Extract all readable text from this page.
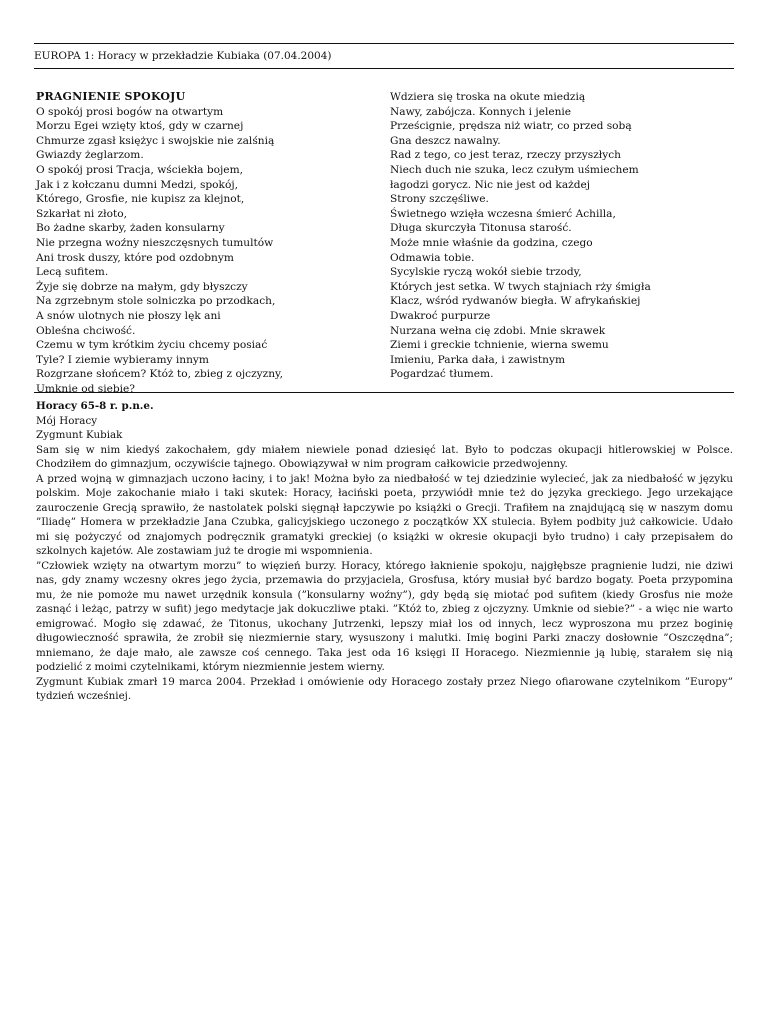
EUROPA 1: Horacy w przekładzie Kubiaka (07.04.2004)
PRAGNIENIE SPOKOJU
O spokój prosi bogów na otwartym
Morzu Egei wzięty ktoś, gdy w czarnej
Chmurze zgasł księżyc i swojskie nie zalśnią
Gwiazdy żeglarzom.
O spokój prosi Tracja, wściekła bojem,
Jak i z kołczanu dumni Medzi, spokój,
Którego, Grosfie, nie kupisz za klejnot,
Szkarłat ni złoto,
Bo żadne skarby, żaden konsularny
Nie przegna woźny nieszczęsnych tumultów
Ani trosk duszy, które pod ozdobnym
Lecą sufitem.
Żyje się dobrze na małym, gdy błyszczy
Na zgrzebnym stole solniczka po przodkach,
A snów ulotnych nie płoszy lęk ani
Obleśna chciwość.
Czemu w tym krótkim życiu chcemy posiać
Tyle? I ziemie wybieramy innym
Rozgrzane słońcem? Któż to, zbieg z ojczyzny,
Umknie od siebie?
Wdziera się troska na okute miedzią
Nawy, zabójcza. Konnych i jelenie
Prześcignie, prędsza niż wiatr, co przed sobą
Gna deszcz nawalny.
Rad z tego, co jest teraz, rzeczy przyszłych
Niech duch nie szuka, lecz czułym uśmiechem
łagodzi gorycz. Nic nie jest od każdej
Strony szczęśliwe.
Świetnego wzięła wczesna śmierć Achilla,
Długa skurczyła Titonusa starość.
Może mnie właśnie da godzina, czego
Odmawia tobie.
Sycylskie ryczą wokół siebie trzody,
Których jest setka. W twych stajniach rży śmigła
Klacz, wśród rydwanów biegła. W afrykańskiej
Dwakroć purpurze
Nurzana wełna cię zdobi. Mnie skrawek
Ziemi i greckie tchnienie, wierna swemu
Imieniu, Parka dała, i zawistnym
Pogardzać tłumem.
Horacy 65-8 r. p.n.e.
Mój Horacy
Zygmunt Kubiak
Sam się w nim kiedyś zakochałem, gdy miałem niewiele ponad dziesięć lat. Było to podczas okupacji hitlerowskiej w Polsce. Chodziłem do gimnazjum, oczywiście tajnego. Obowiązywał w nim program całkowicie przedwojenny.
A przed wojną w gimnazjach uczono łaciny, i to jak! Można było za niedbałość w tej dziedzinie wylecieć, jak za niedbałość w języku polskim. Moje zakochanie miało i taki skutek: Horacy, łaciński poeta, przywiódł mnie też do języka greckiego. Jego urzekające zauroczenie Grecją sprawiło, że nastolatek polski sięgnął łapczywie po książki o Grecji. Trafiłem na znajdującą się w naszym domu ”Iliadę” Homera w przekładzie Jana Czubka, galicyjskiego uczonego z początków XX stulecia. Byłem podbity już całkowicie. Udało mi się pożyczyć od znajomych podręcznik gramatyki greckiej (o książki w okresie okupacji było trudno) i cały przepisałem do szkolnych kajetów. Ale zostawiam już te drogie mi wspomnienia.
”Człowiek wzięty na otwartym morzu” to więzień burzy. Horacy, którego łaknienie spokoju, najgłębsze pragnienie ludzi, nie dziwi nas, gdy znamy wczesny okres jego życia, przemawia do przyjaciela, Grosfusa, który musiał być bardzo bogaty. Poeta przypomina mu, że nie pomoże mu nawet urzędnik konsula (”konsularny woźny”), gdy będą się miotać pod sufitem (kiedy Grosfus nie może zasnąć i leżąc, patrzy w sufit) jego medytacje jak dokuczliwe ptaki. ”Któż to, zbieg z ojczyzny. Umknie od siebie?” - a więc nie warto emigrować. Mogło się zdawać, że Titonus, ukochany Jutrzenki, lepszy miał los od innych, lecz wyproszona mu przez boginię długowieczność sprawiła, że zrobił się niezmiernie stary, wysuszony i malutki. Imię bogini Parki znaczy dosłownie ”Oszczędna”; mniemano, że daje mało, ale zawsze coś cennego. Taka jest oda 16 księgi II Horacego. Niezmiennie ją lubię, starałem się nią podzielić z moimi czytelnikami, którym niezmiennie jestem wierny.
Zygmunt Kubiak zmarł 19 marca 2004. Przekład i omówienie ody Horacego zostały przez Niego ofiarowane czytelnikom ”Europy” tydzień wcześniej.
